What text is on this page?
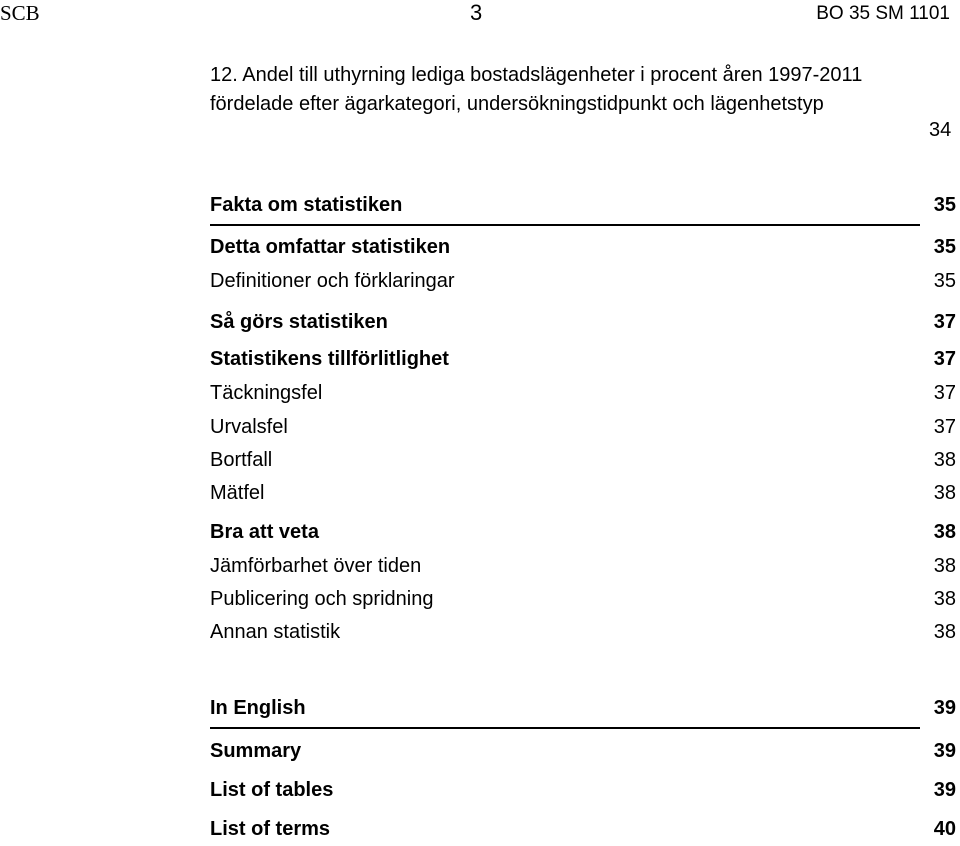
SCB	3	BO 35 SM 1101
12. Andel till uthyrning lediga bostadslägenheter i procent åren 1997-2011 fördelade efter ägarkategori, undersökningstidpunkt och lägenhetstyp
34
Fakta om statistiken	35
Detta omfattar statistiken	35
Definitioner och förklaringar	35
Så görs statistiken	37
Statistikens tillförlitlighet	37
Täckningsfel	37
Urvalsfel	37
Bortfall	38
Mätfel	38
Bra att veta	38
Jämförbarhet över tiden	38
Publicering och spridning	38
Annan statistik	38
In English	39
Summary	39
List of tables	39
List of terms	40
